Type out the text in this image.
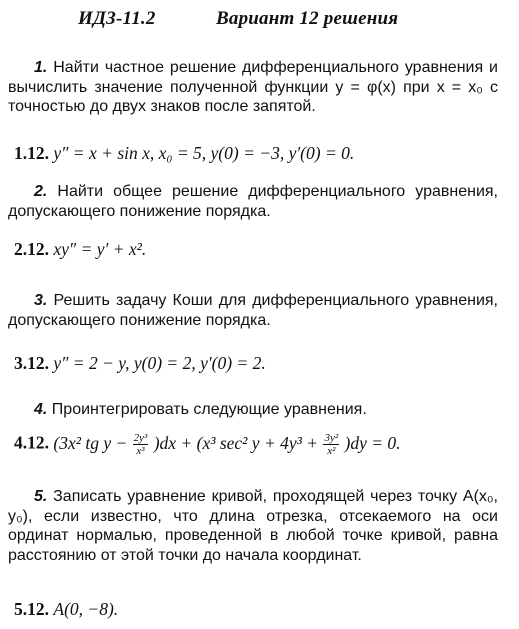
ИДЗ-11.2	Вариант 12 решения
1. Найти частное решение дифференциального уравнения и вычислить значение полученной функции y = φ(x) при x = x₀ с точностью до двух знаков после запятой.
1.12. y″ = x + sin x, x₀ = 5, y(0) = −3, y′(0) = 0.
2. Найти общее решение дифференциального уравнения, допускающего понижение порядка.
2.12. xy″ = y′ + x².
3. Решить задачу Коши для дифференциального уравнения, допускающего понижение порядка.
3.12. y″ = 2 − y, y(0) = 2, y′(0) = 2.
4. Проинтегрировать следующие уравнения.
4.12. (3x² tg $y - \frac{\text{2y³}}{\text{x³}} )dx + (x^3$ sec² $y + 4y^3 + \frac{\text{3y²}}{\text{x²}} )dy = 0$.
5. Записать уравнение кривой, проходящей через точку A(x₀, y₀), если известно, что длина отрезка, отсекаемого на оси ординат нормалью, проведенной в любой точке кривой, равна расстоянию от этой точки до начала координат.
5.12. A(0, −8).
